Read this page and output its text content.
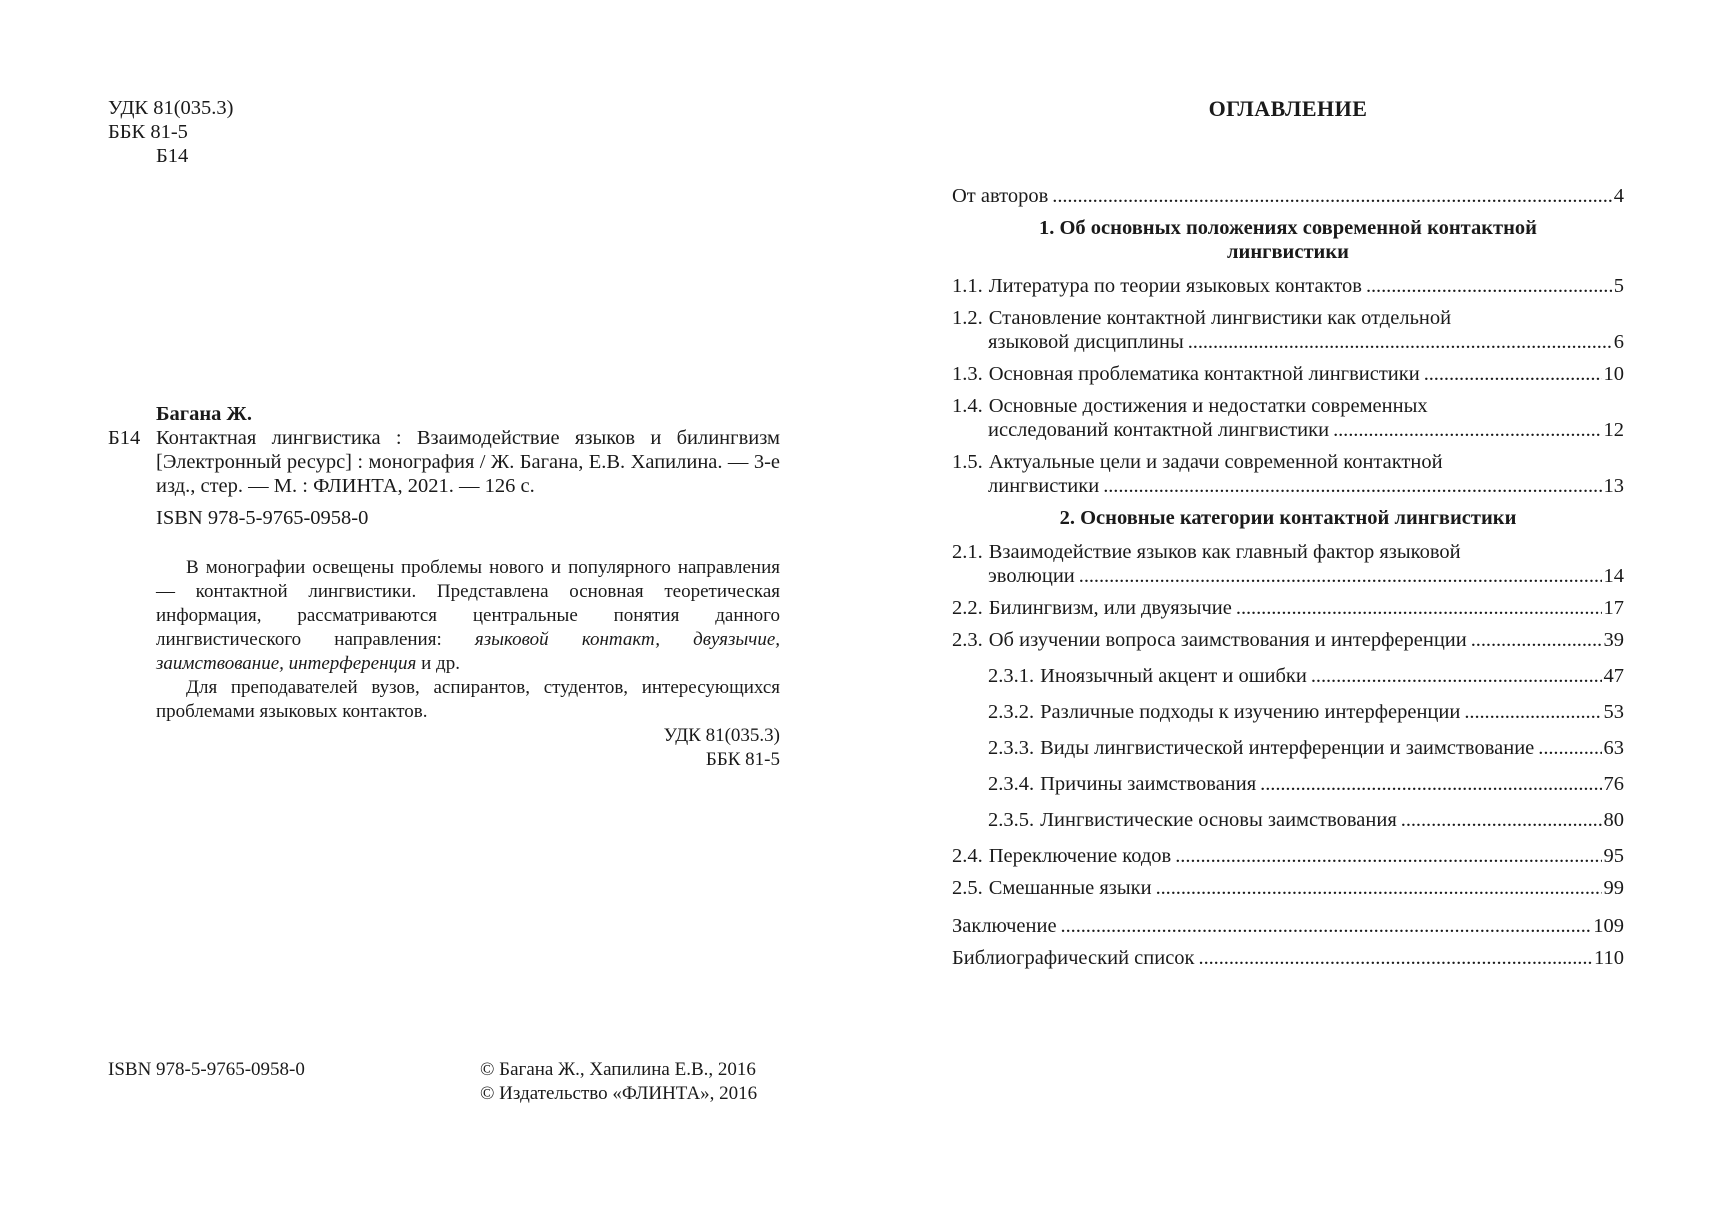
УДК 81(035.3)
ББК 81-5
Б14
Багана Ж.
Б14 Контактная лингвистика : Взаимодействие языков и билингвизм [Электронный ресурс] : монография / Ж. Багана, Е.В. Хапилина. — 3-е изд., стер. — М. : ФЛИНТА, 2021. — 126 с.
ISBN 978-5-9765-0958-0

В монографии освещены проблемы нового и популярного направления — контактной лингвистики. Представлена основная теоретическая информация, рассматриваются центральные понятия данного лингвистического направления: языковой контакт, двуязычие, заимствование, интерференция и др.

Для преподавателей вузов, аспирантов, студентов, интересующихся проблемами языковых контактов.

УДК 81(035.3)

ББК 81-5

ISBN 978-5-9765-0958-0	© Багана Ж., Хапилина Е.В., 2016
© Издательство «ФЛИНТА», 2016
ОГЛАВЛЕНИЕ
От авторов . . .	4
1. Об основных положениях современной контактной лингвистики
1.1. Литература по теории языковых контактов . . .	5
1.2. Становление контактной лингвистики как отдельной
языковой дисциплины . . .	6
1.3. Основная проблематика контактной лингвистики . . .	10
1.4. Основные достижения и недостатки современных
исследований контактной лингвистики . . .	12
1.5. Актуальные цели и задачи современной контактной
лингвистики . . .	13
2. Основные категории контактной лингвистики
2.1. Взаимодействие языков как главный фактор языковой
эволюции . . .	14
2.2. Билингвизм, или двуязычие . . .	17
2.3. Об изучении вопроса заимствования и интерференции . . .	39
2.3.1. Иноязычный акцент и ошибки . . .	47
2.3.2. Различные подходы к изучению интерференции . . .	53
2.3.3. Виды лингвистической интерференции и заимствование . . .	63
2.3.4. Причины заимствования . . .	76
2.3.5. Лингвистические основы заимствования . . .	80
2.4. Переключение кодов . . .	95
2.5. Смешанные языки . . .	99
Заключение . . .	109
Библиографический список . . .	110
